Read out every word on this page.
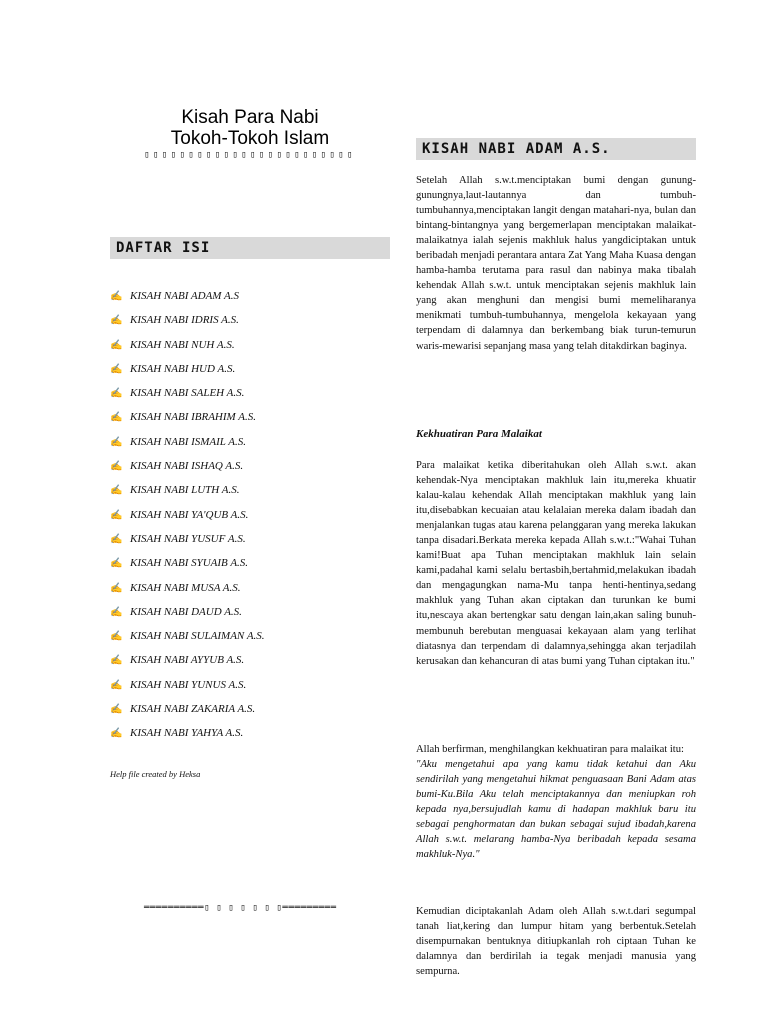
Kisah Para Nabi
Tokoh-Tokoh Islam
▯▯▯▯▯▯▯▯▯▯▯▯▯▯▯▯▯▯▯▯▯▯▯▯
DAFTAR ISI
✍ KISAH NABI ADAM A.S
✍ KISAH NABI IDRIS A.S.
✍ KISAH NABI NUH A.S.
✍ KISAH NABI HUD A.S.
✍ KISAH NABI SALEH A.S.
✍ KISAH NABI IBRAHIM A.S.
✍ KISAH NABI ISMAIL A.S.
✍ KISAH NABI ISHAQ A.S.
✍ KISAH NABI LUTH A.S.
✍ KISAH NABI YA'QUB A.S.
✍ KISAH NABI YUSUF A.S.
✍ KISAH NABI SYUAIB A.S.
✍ KISAH NABI MUSA A.S.
✍ KISAH NABI DAUD A.S.
✍ KISAH NABI SULAIMAN A.S.
✍ KISAH NABI AYYUB A.S.
✍ KISAH NABI YUNUS A.S.
✍ KISAH NABI ZAKARIA A.S.
✍ KISAH NABI YAHYA A.S.
Help file created by Heksa
══════════▯ ▯ ▯ ▯ ▯ ▯ ▯═════════
KISAH NABI ADAM A.S.

Setelah Allah s.w.t.menciptakan bumi dengan gunung-gunungnya,laut-lautannya dan tumbuh-tumbuhannya,menciptakan langit dengan matahari-nya, bulan dan bintang-bintangnya yang bergemerlapan menciptakan malaikat-malaikatnya ialah sejenis makhluk halus yangdiciptakan untuk beribadah menjadi perantara antara Zat Yang Maha Kuasa dengan hamba-hamba terutama para rasul dan nabinya maka tibalah kehendak Allah s.w.t. untuk menciptakan sejenis makhluk lain yang akan menghuni dan mengisi bumi memeliharanya menikmati tumbuh-tumbuhannya, mengelola kekayaan yang terpendam di dalamnya dan berkembang biak turun-temurun waris-mewarisi sepanjang masa yang telah ditakdirkan baginya.

Kekhuatiran Para Malaikat

Para malaikat ketika diberitahukan oleh Allah s.w.t. akan kehendak-Nya menciptakan makhluk lain itu,mereka khuatir kalau-kalau kehendak Allah menciptakan makhluk yang lain itu,disebabkan kecuaian atau kelalaian mereka dalam ibadah dan menjalankan tugas atau karena pelanggaran yang mereka lakukan tanpa disadari.Berkata mereka kepada Allah s.w.t.:"Wahai Tuhan kami!Buat apa Tuhan menciptakan makhluk lain selain kami,padahal kami selalu bertasbih,bertahmid,melakukan ibadah dan mengagungkan nama-Mu tanpa henti-hentinya,sedang makhluk yang Tuhan akan ciptakan dan turunkan ke bumi itu,nescaya akan bertengkar satu dengan lain,akan saling bunuh-membunuh berebutan menguasai kekayaan alam yang terlihat diatasnya dan terpendam di dalamnya,sehingga akan terjadilah kerusakan dan kehancuran di atas bumi yang Tuhan ciptakan itu."

Allah berfirman, menghilangkan kekhuatiran para malaikat itu:
"Aku mengetahui apa yang kamu tidak ketahui dan Aku sendirilah yang mengetahui hikmat penguasaan Bani Adam atas bumi-Ku.Bila Aku telah menciptakannya dan meniupkan roh kepada nya,bersujudlah kamu di hadapan makhluk baru itu sebagai penghormatan dan bukan sebagai sujud ibadah,karena Allah s.w.t. melarang hamba-Nya beribadah kepada sesama makhluk-Nya."

Kemudian diciptakanlah Adam oleh Allah s.w.t.dari segumpal tanah liat,kering dan lumpur hitam yang berbentuk.Setelah disempurnakan bentuknya ditiupkanlah roh ciptaan Tuhan ke dalamnya dan berdirilah ia tegak menjadi manusia yang sempurna.
